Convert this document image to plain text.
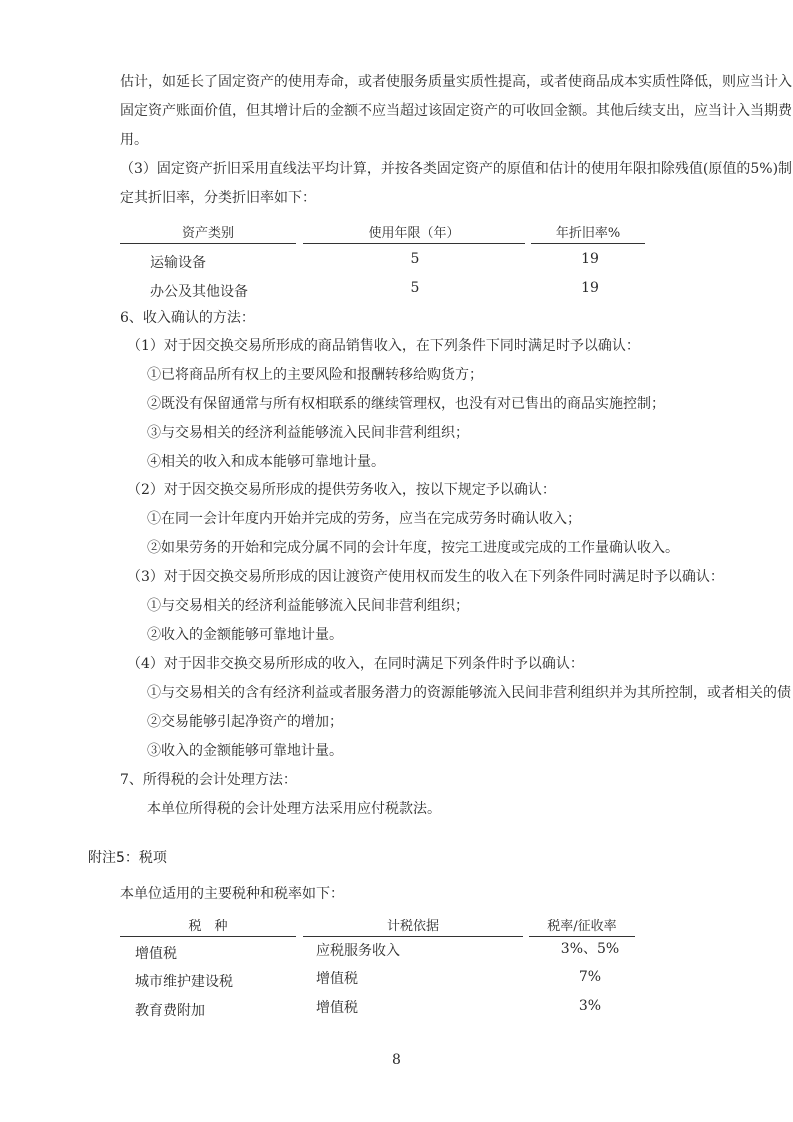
估计，如延长了固定资产的使用寿命，或者使服务质量实质性提高，或者使商品成本实质性降低，则应当计入
固定资产账面价值，但其增计后的金额不应当超过该固定资产的可收回金额。其他后续支出，应当计入当期费
用。
（3）固定资产折旧采用直线法平均计算，并按各类固定资产的原值和估计的使用年限扣除残值(原值的5%)制
定其折旧率，分类折旧率如下：
资产类别	使用年限（年）	年折旧率%
运输设备	5	19
办公及其他设备	5	19
6、收入确认的方法：
（1）对于因交换交易所形成的商品销售收入，在下列条件下同时满足时予以确认：
①已将商品所有权上的主要风险和报酬转移给购货方；
②既没有保留通常与所有权相联系的继续管理权，也没有对已售出的商品实施控制；
③与交易相关的经济利益能够流入民间非营利组织；
④相关的收入和成本能够可靠地计量。
（2）对于因交换交易所形成的提供劳务收入，按以下规定予以确认：
①在同一会计年度内开始并完成的劳务，应当在完成劳务时确认收入；
②如果劳务的开始和完成分属不同的会计年度，按完工进度或完成的工作量确认收入。
（3）对于因交换交易所形成的因让渡资产使用权而发生的收入在下列条件同时满足时予以确认：
①与交易相关的经济利益能够流入民间非营利组织；
②收入的金额能够可靠地计量。
（4）对于因非交换交易所形成的收入，在同时满足下列条件时予以确认：
①与交易相关的含有经济利益或者服务潜力的资源能够流入民间非营利组织并为其所控制，或者相关的债
②交易能够引起净资产的增加；
③收入的金额能够可靠地计量。
7、所得税的会计处理方法：
本单位所得税的会计处理方法采用应付税款法。
附注5：税项
本单位适用的主要税种和税率如下：
税　种	计税依据	税率/征收率
增值税	应税服务收入	3%、5%
城市维护建设税	增值税	7%
教育费附加	增值税	3%
8
